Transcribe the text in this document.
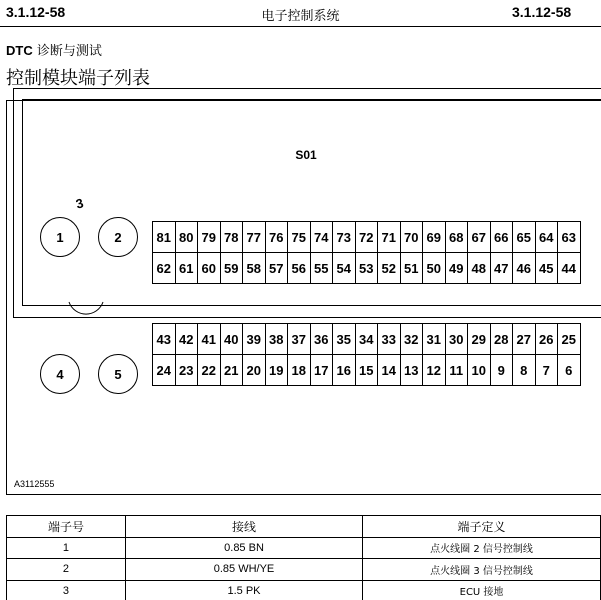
3.1.12-58	电子控制系统	3.1.12-58
DTC 诊断与测试
控制模块端子列表
S01
A3112555
1	2
3
4	5
81	80	79	78	77	76	75	74	73	72	71	70	69	68	67	66	65	64	63
62	61	60	59	58	57	56	55	54	53	52	51	50	49	48	47	46	45	44
43	42	41	40	39	38	37	36	35	34	33	32	31	30	29	28	27	26	25
24	23	22	21	20	19	18	17	16	15	14	13	12	11	10	9	8	7	6
端子号	接线	端子定义
1	0.85 BN	点火线圈 2 信号控制线
2	0.85 WH/YE	点火线圈 3 信号控制线
3	1.5 PK	ECU 接地
